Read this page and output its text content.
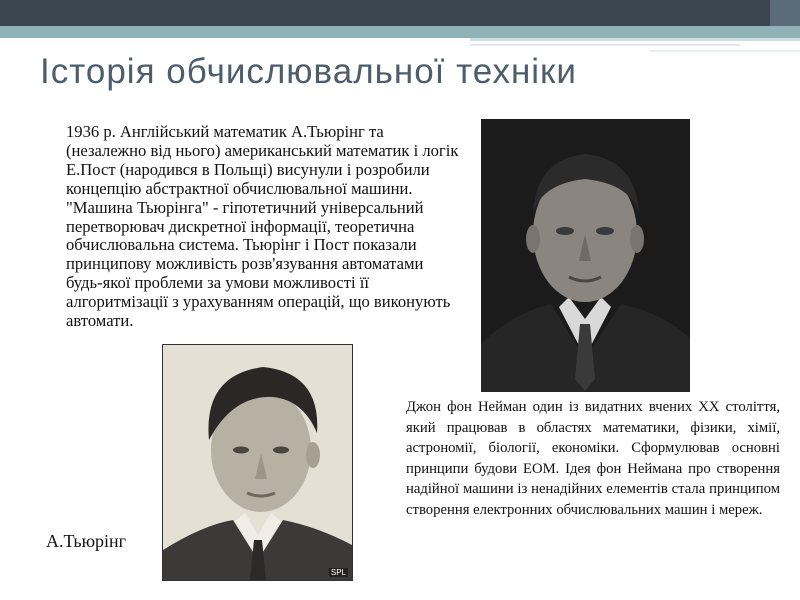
Історія обчислювальної техніки
1936 р. Англійський математик А.Тьюрінг та (незалежно від нього) американський математик і логік Е.Пост (народився в Польщі) висунули і розробили концепцію абстрактної обчислювальної машини. "Машина Тьюрінга" - гіпотетичний універсальний перетворювач дискретної інформації, теоретична обчислювальна система. Тьюрінг і Пост показали принципову можливість розв'язування автоматами будь-якої проблеми за умови можливості її алгоритмізації з урахуванням операцій, що виконують автомати.
SPL
А.Тьюрінг
Джон фон Нейман один із видатних вчених XX століття, який працював в областях математики, фізики, хімії, астрономії, біології, економіки. Сформулював основні принципи будови ЕОМ. Ідея фон Неймана про створення надійної машини із ненадійних елементів стала принципом створення електронних обчислювальних машин і мереж.
